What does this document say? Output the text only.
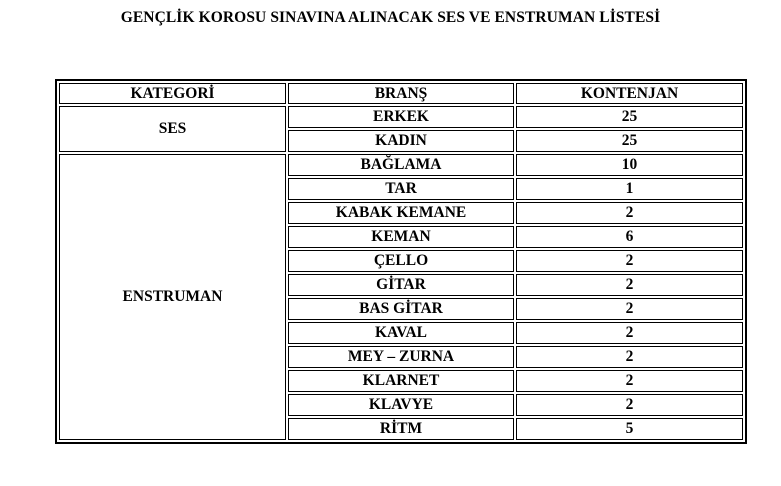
GENÇLİK KOROSU SINAVINA ALINACAK SES VE ENSTRUMAN LİSTESİ
KATEGORİ	BRANŞ	KONTENJAN
SES	ERKEK	25
	KADIN	25
ENSTRUMAN	BAĞLAMA	10
	TAR	1
	KABAK KEMANE	2
	KEMAN	6
	ÇELLO	2
	GİTAR	2
	BAS GİTAR	2
	KAVAL	2
	MEY – ZURNA	2
	KLARNET	2
	KLAVYE	2
	RİTM	5
